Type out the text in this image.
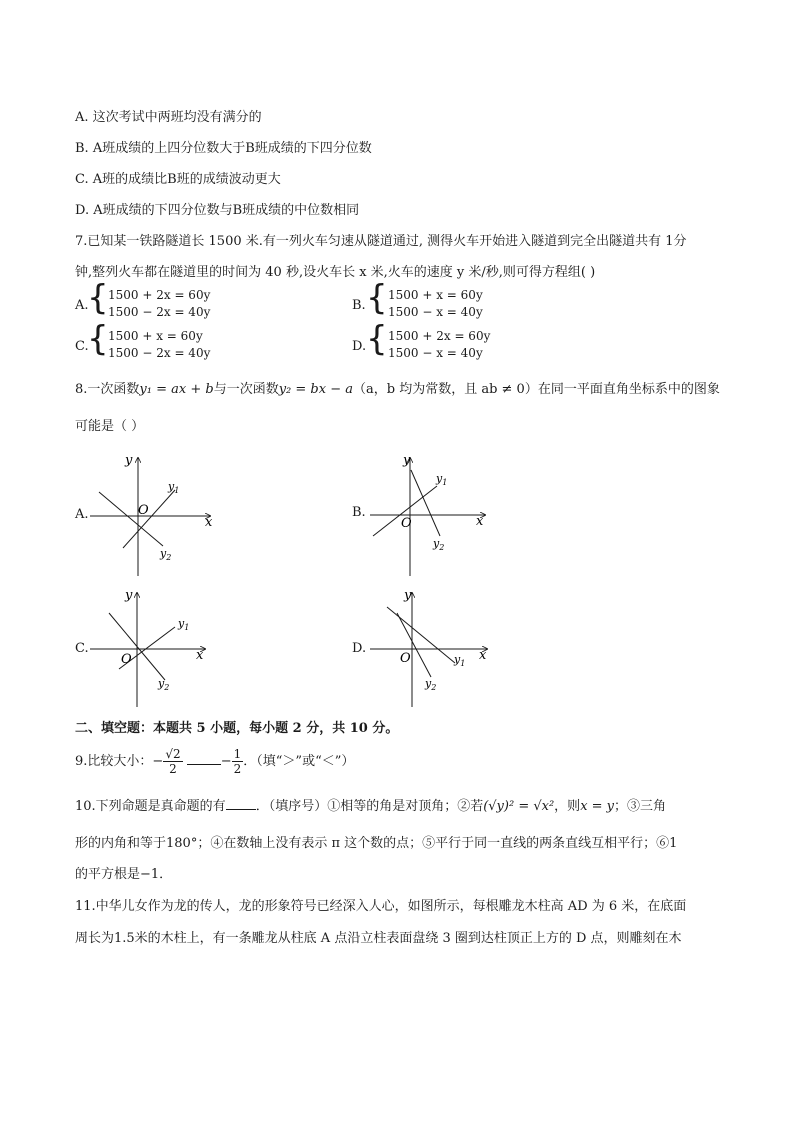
A. 这次考试中两班均没有满分的
B. A班成绩的上四分位数大于B班成绩的下四分位数
C. A班的成绩比B班的成绩波动更大
D. A班成绩的下四分位数与B班成绩的中位数相同
7.已知某一铁路隧道长 1500 米.有一列火车匀速从隧道通过, 测得火车开始进入隧道到完全出隧道共有 1分
钟,整列火车都在隧道里的时间为 40 秒,设火车长 x 米,火车的速度 y 米/秒,则可得方程组( )
A.
{ 1500 + 2x = 60y
1500 − 2x = 40y	B. { 1500 + x = 60y
1500 − x = 40y
C.
{ 1500 + x = 60y
1500 − 2x = 40y	D. { 1500 + 2x = 60y
1500 − x = 40y
8.一次函数y₁ = ax + b与一次函数y₂ = bx − a（a，b 均为常数，且 ab ≠ 0）在同一平面直角坐标系中的图象
可能是（ ）
A.
x
y
O
$y_1$
$y_2$
B.
x
y
O
$y_1$
$y_2$
C.	x
y
O
$y_1$
$y_2$
D.	x
y
O	$y_1$
$y_2$
二、填空题：本题共 5 小题，每小题 2 分，共 10 分。
9.比较大小：− $\frac{√2}{2}$	− $\frac{1}{2}$ ．（填“＞”或“＜”）
10.下列命题是真命题的有 ．（填序号）①相等的角是对顶角；②若(√y)² = √x²，则x = y；③三角
形的内角和等于180°；④在数轴上没有表示 π 这个数的点；⑤平行于同一直线的两条直线互相平行；⑥1
的平方根是−1．
11.中华儿女作为龙的传人，龙的形象符号已经深入人心，如图所示，每根雕龙木柱高 AD 为 6 米，在底面
周长为1.5米的木柱上，有一条雕龙从柱底 A 点沿立柱表面盘绕 3 圈到达柱顶正上方的 D 点，则雕刻在木
